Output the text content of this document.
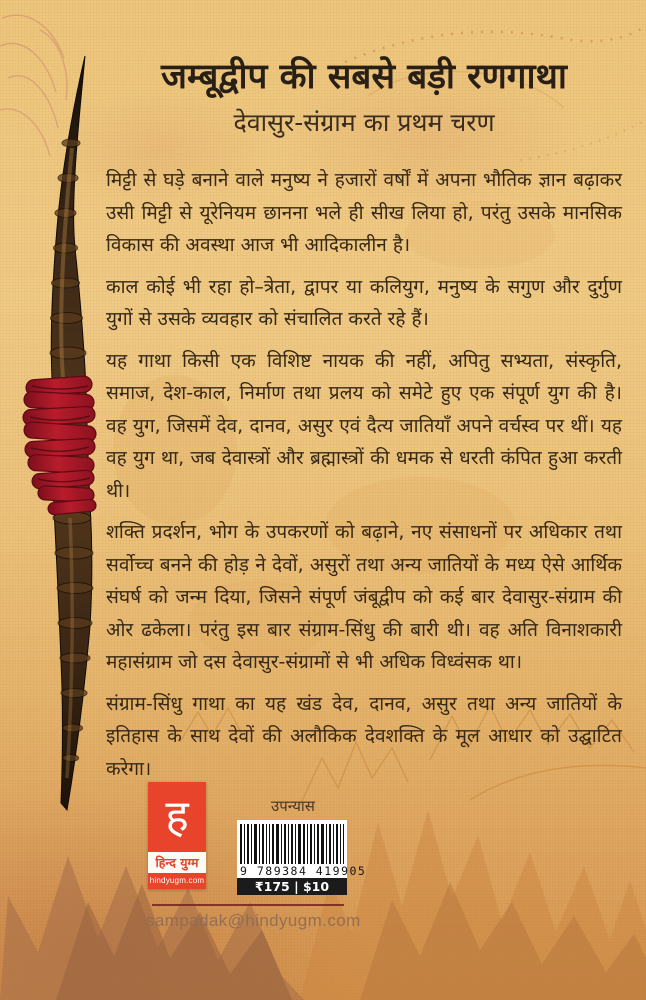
जम्बूद्वीप की सबसे बड़ी रणगाथा
देवासुर-संग्राम का प्रथम चरण

मिट्टी से घड़े बनाने वाले मनुष्य ने हजारों वर्षों में अपना भौतिक ज्ञान बढ़ाकर उसी मिट्टी से यूरेनियम छानना भले ही सीख लिया हो, परंतु उसके मानसिक विकास की अवस्था आज भी आदिकालीन है।

काल कोई भी रहा हो–त्रेता, द्वापर या कलियुग, मनुष्य के सगुण और दुर्गुण युगों से उसके व्यवहार को संचालित करते रहे हैं।

यह गाथा किसी एक विशिष्ट नायक की नहीं, अपितु सभ्यता, संस्कृति, समाज, देश-काल, निर्माण तथा प्रलय को समेटे हुए एक संपूर्ण युग की है। वह युग, जिसमें देव, दानव, असुर एवं दैत्य जातियाँ अपने वर्चस्व पर थीं। यह वह युग था, जब देवास्त्रों और ब्रह्मास्त्रों की धमक से धरती कंपित हुआ करती थी।

शक्ति प्रदर्शन, भोग के उपकरणों को बढ़ाने, नए संसाधनों पर अधिकार तथा सर्वोच्च बनने की होड़ ने देवों, असुरों तथा अन्य जातियों के मध्य ऐसे आर्थिक संघर्ष को जन्म दिया, जिसने संपूर्ण जंबूद्वीप को कई बार देवासुर-संग्राम की ओर ढकेला। परंतु इस बार संग्राम-सिंधु की बारी थी। वह अति विनाशकारी महासंग्राम जो दस देवासुर-संग्रामों से भी अधिक विध्वंसक था।

संग्राम-सिंधु गाथा का यह खंड देव, दानव, असुर तथा अन्य जातियों के इतिहास के साथ देवों की अलौकिक देवशक्ति के मूल आधार को उद्घाटित करेगा।

ह
हिन्द युग्म
hindyugm.com
उपन्यास
9 789384 419905
₹175 | $10
sampadak@hindyugm.com
